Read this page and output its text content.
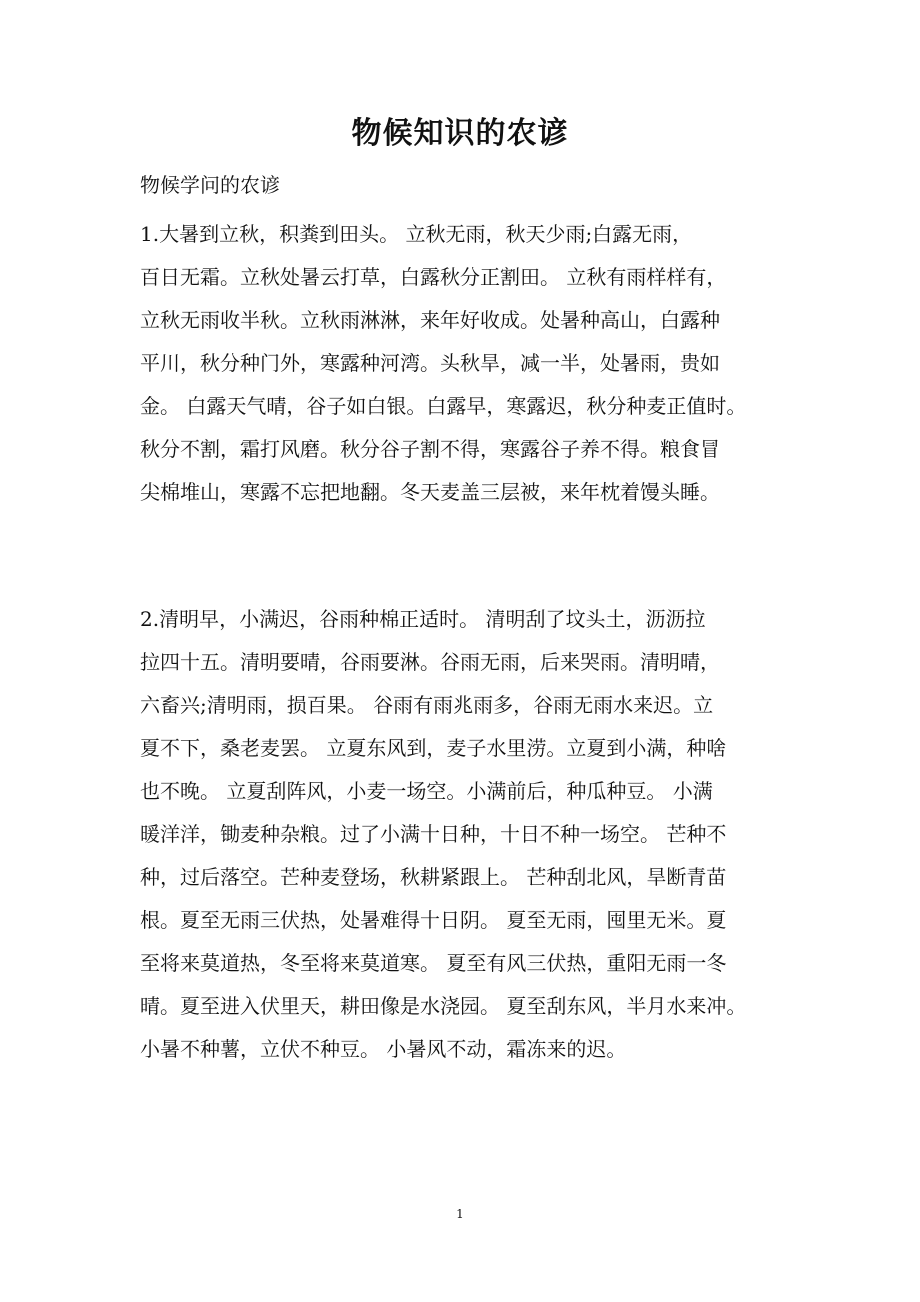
物候知识的农谚

物候学问的农谚

1.大暑到立秋，积粪到田头。 立秋无雨，秋天少雨;白露无雨，
百日无霜。立秋处暑云打草，白露秋分正割田。 立秋有雨样样有，
立秋无雨收半秋。立秋雨淋淋，来年好收成。处暑种高山，白露种
平川，秋分种门外，寒露种河湾。头秋旱，减一半，处暑雨，贵如
金。 白露天气晴，谷子如白银。白露早，寒露迟，秋分种麦正值时。
秋分不割，霜打风磨。秋分谷子割不得，寒露谷子养不得。粮食冒
尖棉堆山，寒露不忘把地翻。冬天麦盖三层被，来年枕着馒头睡。
2.清明早，小满迟，谷雨种棉正适时。 清明刮了坟头土，沥沥拉
拉四十五。清明要晴，谷雨要淋。谷雨无雨，后来哭雨。清明晴，
六畜兴;清明雨，损百果。 谷雨有雨兆雨多，谷雨无雨水来迟。立
夏不下，桑老麦罢。 立夏东风到，麦子水里涝。立夏到小满，种啥
也不晚。 立夏刮阵风，小麦一场空。小满前后，种瓜种豆。 小满
暖洋洋，锄麦种杂粮。过了小满十日种，十日不种一场空。 芒种不
种，过后落空。芒种麦登场，秋耕紧跟上。 芒种刮北风，旱断青苗
根。夏至无雨三伏热，处暑难得十日阴。 夏至无雨，囤里无米。夏
至将来莫道热，冬至将来莫道寒。 夏至有风三伏热，重阳无雨一冬
晴。夏至进入伏里天，耕田像是水浇园。 夏至刮东风，半月水来冲。
小暑不种薯，立伏不种豆。 小暑风不动，霜冻来的迟。
1
